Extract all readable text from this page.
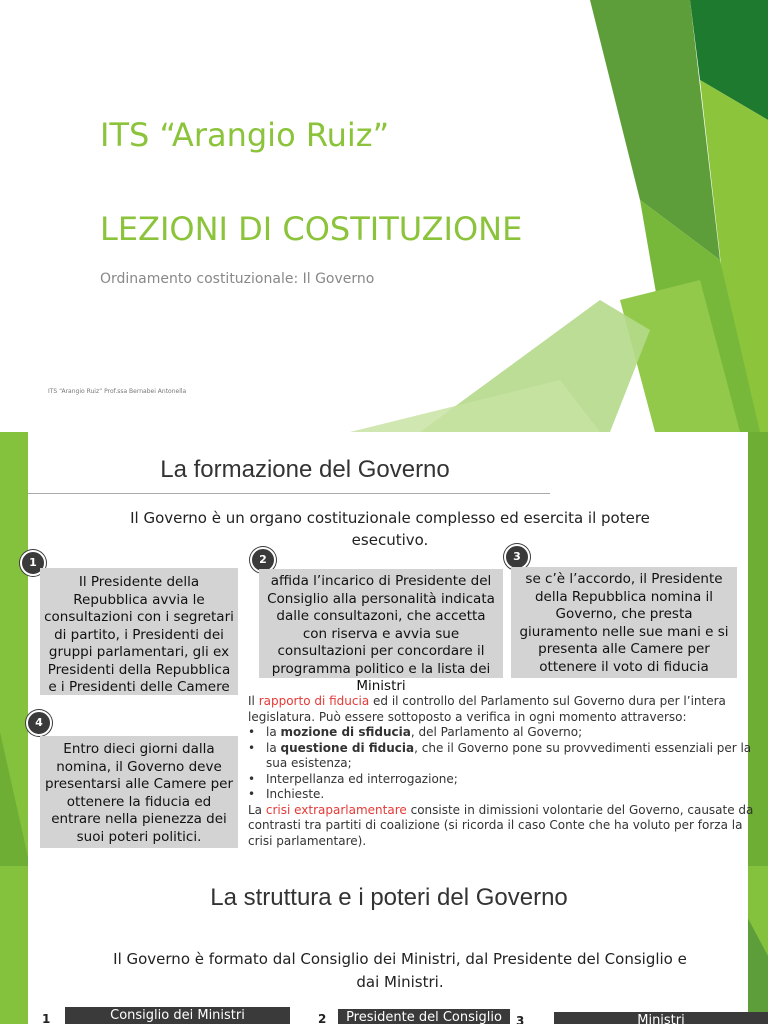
ITS “Arangio Ruiz”
LEZIONI DI COSTITUZIONE
Ordinamento costituzionale: Il Governo
ITS “Arangio Ruiz” Prof.ssa Bernabei Antonella
La formazione del Governo
Il Governo è un organo costituzionale complesso ed esercita il potere esecutivo.
1
Il Presidente della Repubblica avvia le consultazioni con i segretari di partito, i Presidenti dei gruppi parlamentari, gli ex Presidenti della Repubblica e i Presidenti delle Camere
2
affida l’incarico di Presidente del Consiglio alla personalità indicata dalle consultazoni, che accetta con riserva e avvia sue consultazioni per concordare il programma politico e la lista dei Ministri
3
se c’è l’accordo, il Presidente della Repubblica nomina il Governo, che presta giuramento nelle sue mani e si presenta alle Camere per ottenere il voto di fiducia
4
Entro dieci giorni dalla nomina, il Governo deve presentarsi alle Camere per ottenere la fiducia ed entrare nella pienezza dei suoi poteri politici.
Il rapporto di fiducia ed il controllo del Parlamento sul Governo dura per l’intera legislatura. Può essere sottoposto a verifica in ogni momento attraverso:
• la mozione di sfiducia, del Parlamento al Governo;
• la questione di fiducia, che il Governo pone su provvedimenti essenziali per la sua esistenza;
• Interpellanza ed interrogazione;
• Inchieste.
La crisi extraparlamentare consiste in dimissioni volontarie del Governo, causate da contrasti tra partiti di coalizione (si ricorda il caso Conte che ha voluto per forza la crisi parlamentare).
La struttura e i poteri del Governo
Il Governo è formato dal Consiglio dei Ministri, dal Presidente del Consiglio e dai Ministri.
1	Consiglio dei Ministri	2	Presidente del Consiglio	3	Ministri
